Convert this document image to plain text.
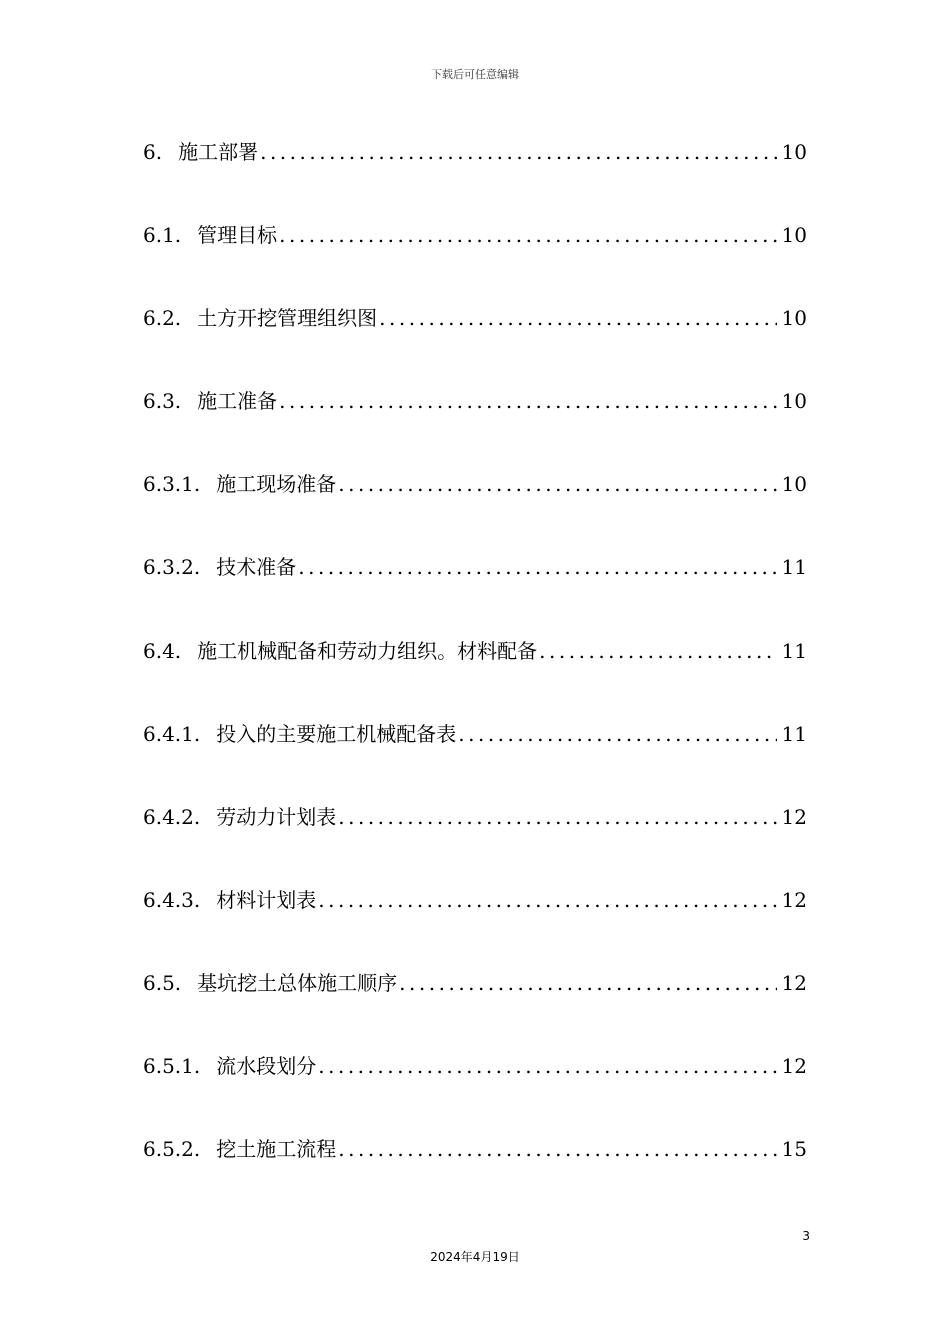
下载后可任意编辑
6. 施工部署 .....	10
6.1. 管理目标 .....	10
6.2. 土方开挖管理组织图 .....	10
6.3. 施工准备 .....	10
6.3.1. 施工现场准备 .....	10
6.3.2. 技术准备 .....	11
6.4. 施工机械配备和劳动力组织。材料配备 .....	11
6.4.1. 投入的主要施工机械配备表 .....	11
6.4.2. 劳动力计划表 .....	12
6.4.3. 材料计划表 .....	12
6.5. 基坑挖土总体施工顺序 .....	12
6.5.1. 流水段划分 .....	12
6.5.2. 挖土施工流程 .....	15
3
2024年4月19日
